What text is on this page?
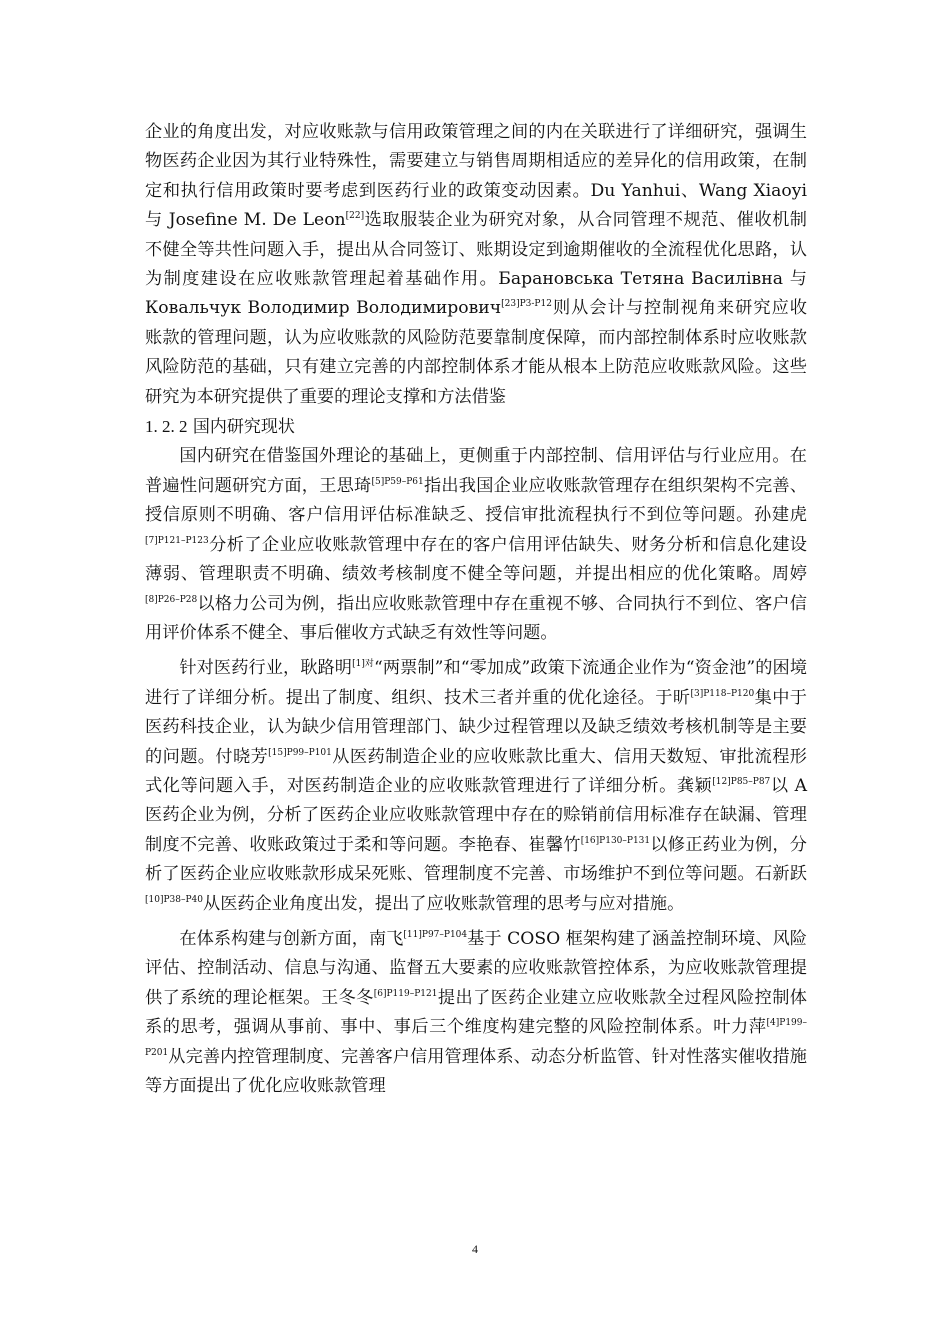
企业的角度出发，对应收账款与信用政策管理之间的内在关联进行了详细研究，强调生物医药企业因为其行业特殊性，需要建立与销售周期相适应的差异化的信用政策，在制定和执行信用政策时要考虑到医药行业的政策变动因素。Du Yanhui、Wang Xiaoyi 与 Josefine M. De Leon[22]选取服装企业为研究对象，从合同管理不规范、催收机制不健全等共性问题入手，提出从合同签订、账期设定到逾期催收的全流程优化思路，认为制度建设在应收账款管理起着基础作用。Барановська Тетяна Василівна 与 Ковальчук Володимир Володимирович$^{[23]P3-P12}$则从会计与控制视角来研究应收账款的管理问题，认为应收账款的风险防范要靠制度保障，而内部控制体系时应收账款风险防范的基础，只有建立完善的内部控制体系才能从根本上防范应收账款风险。这些研究为本研究提供了重要的理论支撑和方法借鉴

1. 2. 2 国内研究现状

国内研究在借鉴国外理论的基础上，更侧重于内部控制、信用评估与行业应用。在普遍性问题研究方面，王思琦$^{[5]P59-P61}$指出我国企业应收账款管理存在组织架构不完善、授信原则不明确、客户信用评估标准缺乏、授信审批流程执行不到位等问题。孙建虎$^{[7]P121-P123}$分析了企业应收账款管理中存在的客户信用评估缺失、财务分析和信息化建设薄弱、管理职责不明确、绩效考核制度不健全等问题，并提出相应的优化策略。周婷$^{[8]P26-P28}$以格力公司为例，指出应收账款管理中存在重视不够、合同执行不到位、客户信用评价体系不健全、事后催收方式缺乏有效性等问题。

针对医药行业，耿路明$^{[1]对}$“两票制”和“零加成”政策下流通企业作为“资金池”的困境进行了详细分析。提出了制度、组织、技术三者并重的优化途径。于昕$^{[3]P118-P120}$集中于医药科技企业，认为缺少信用管理部门、缺少过程管理以及缺乏绩效考核机制等是主要的问题。付晓芳$^{[15]P99-P101}$从医药制造企业的应收账款比重大、信用天数短、审批流程形式化等问题入手，对医药制造企业的应收账款管理进行了详细分析。龚颖$^{[12]P85-P87}$以 A 医药企业为例，分析了医药企业应收账款管理中存在的赊销前信用标准存在缺漏、管理制度不完善、收账政策过于柔和等问题。李艳春、崔馨竹$^{[16]P130-P131}$以修正药业为例，分析了医药企业应收账款形成呆死账、管理制度不完善、市场维护不到位等问题。石新跃$^{[10]P38-P40}$从医药企业角度出发，提出了应收账款管理的思考与应对措施。

在体系构建与创新方面，南飞$^{[11]P97-P104}$基于 COSO 框架构建了涵盖控制环境、风险评估、控制活动、信息与沟通、监督五大要素的应收账款管控体系，为应收账款管理提供了系统的理论框架。王冬冬$^{[6]P119-P121}$提出了医药企业建立应收账款全过程风险控制体系的思考，强调从事前、事中、事后三个维度构建完整的风险控制体系。叶力萍$^{[4]P199-P201}$从完善内控管理制度、完善客户信用管理体系、动态分析监管、针对性落实催收措施等方面提出了优化应收账款管理

4
